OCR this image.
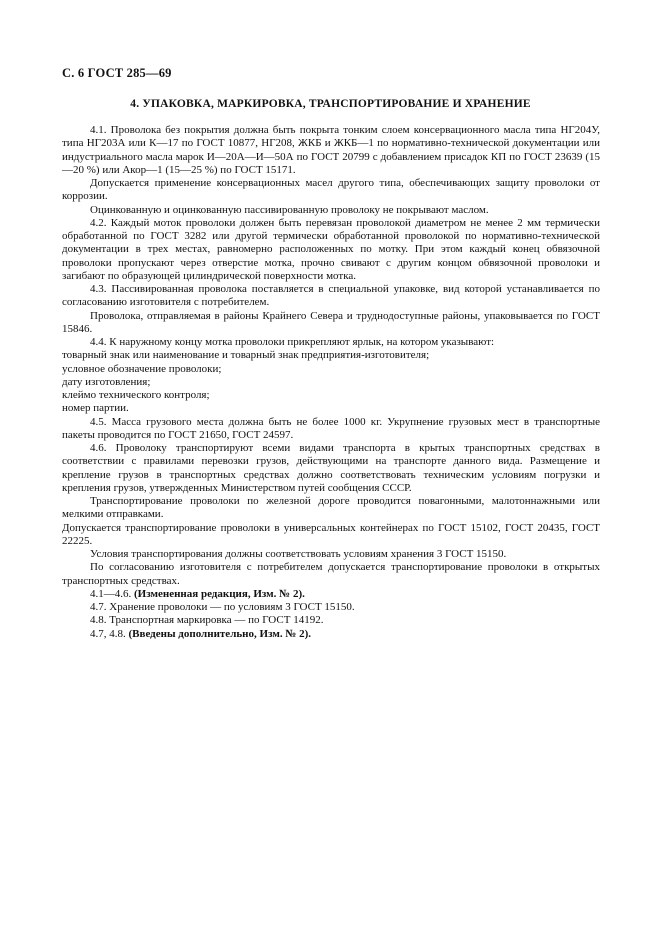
С. 6 ГОСТ 285—69
4. УПАКОВКА, МАРКИРОВКА, ТРАНСПОРТИРОВАНИЕ И ХРАНЕНИЕ

4.1. Проволока без покрытия должна быть покрыта тонким слоем консервационного масла типа НГ204У, типа НГ203А или К—17 по ГОСТ 10877, НГ208, ЖКБ и ЖКБ—1 по нормативно-технической документации или индустриального масла марок И—20А—И—50А по ГОСТ 20799 с добавлением присадок КП по ГОСТ 23639 (15—20 %) или Акор—1 (15—25 %) по ГОСТ 15171.

Допускается применение консервационных масел другого типа, обеспечивающих защиту проволоки от коррозии.

Оцинкованную и оцинкованную пассивированную проволоку не покрывают маслом.

4.2. Каждый моток проволоки должен быть перевязан проволокой диаметром не менее 2 мм термически обработанной по ГОСТ 3282 или другой термически обработанной проволокой по нормативно-технической документации в трех местах, равномерно расположенных по мотку. При этом каждый конец обвязочной проволоки пропускают через отверстие мотка, прочно свивают с другим концом обвязочной проволоки и загибают по образующей цилиндрической поверхности мотка.

4.3. Пассивированная проволока поставляется в специальной упаковке, вид которой устанавливается по согласованию изготовителя с потребителем.

Проволока, отправляемая в районы Крайнего Севера и труднодоступные районы, упаковывается по ГОСТ 15846.

4.4. К наружному концу мотка проволоки прикрепляют ярлык, на котором указывают:

товарный знак или наименование и товарный знак предприятия-изготовителя;

условное обозначение проволоки;

дату изготовления;

клеймо технического контроля;

номер партии.

4.5. Масса грузового места должна быть не более 1000 кг. Укрупнение грузовых мест в транспортные пакеты проводится по ГОСТ 21650, ГОСТ 24597.

4.6. Проволоку транспортируют всеми видами транспорта в крытых транспортных средствах в соответствии с правилами перевозки грузов, действующими на транспорте данного вида. Размещение и крепление грузов в транспортных средствах должно соответствовать техническим условиям погрузки и крепления грузов, утвержденных Министерством путей сообщения СССР.

Транспортирование проволоки по железной дороге проводится повагонными, малотоннажными или мелкими отправками.

Допускается транспортирование проволоки в универсальных контейнерах по ГОСТ 15102, ГОСТ 20435, ГОСТ 22225.

Условия транспортирования должны соответствовать условиям хранения 3 ГОСТ 15150.

По согласованию изготовителя с потребителем допускается транспортирование проволоки в открытых транспортных средствах.

4.1—4.6. (Измененная редакция, Изм. № 2).

4.7. Хранение проволоки — по условиям 3 ГОСТ 15150.

4.8. Транспортная маркировка — по ГОСТ 14192.

4.7, 4.8. (Введены дополнительно, Изм. № 2).
